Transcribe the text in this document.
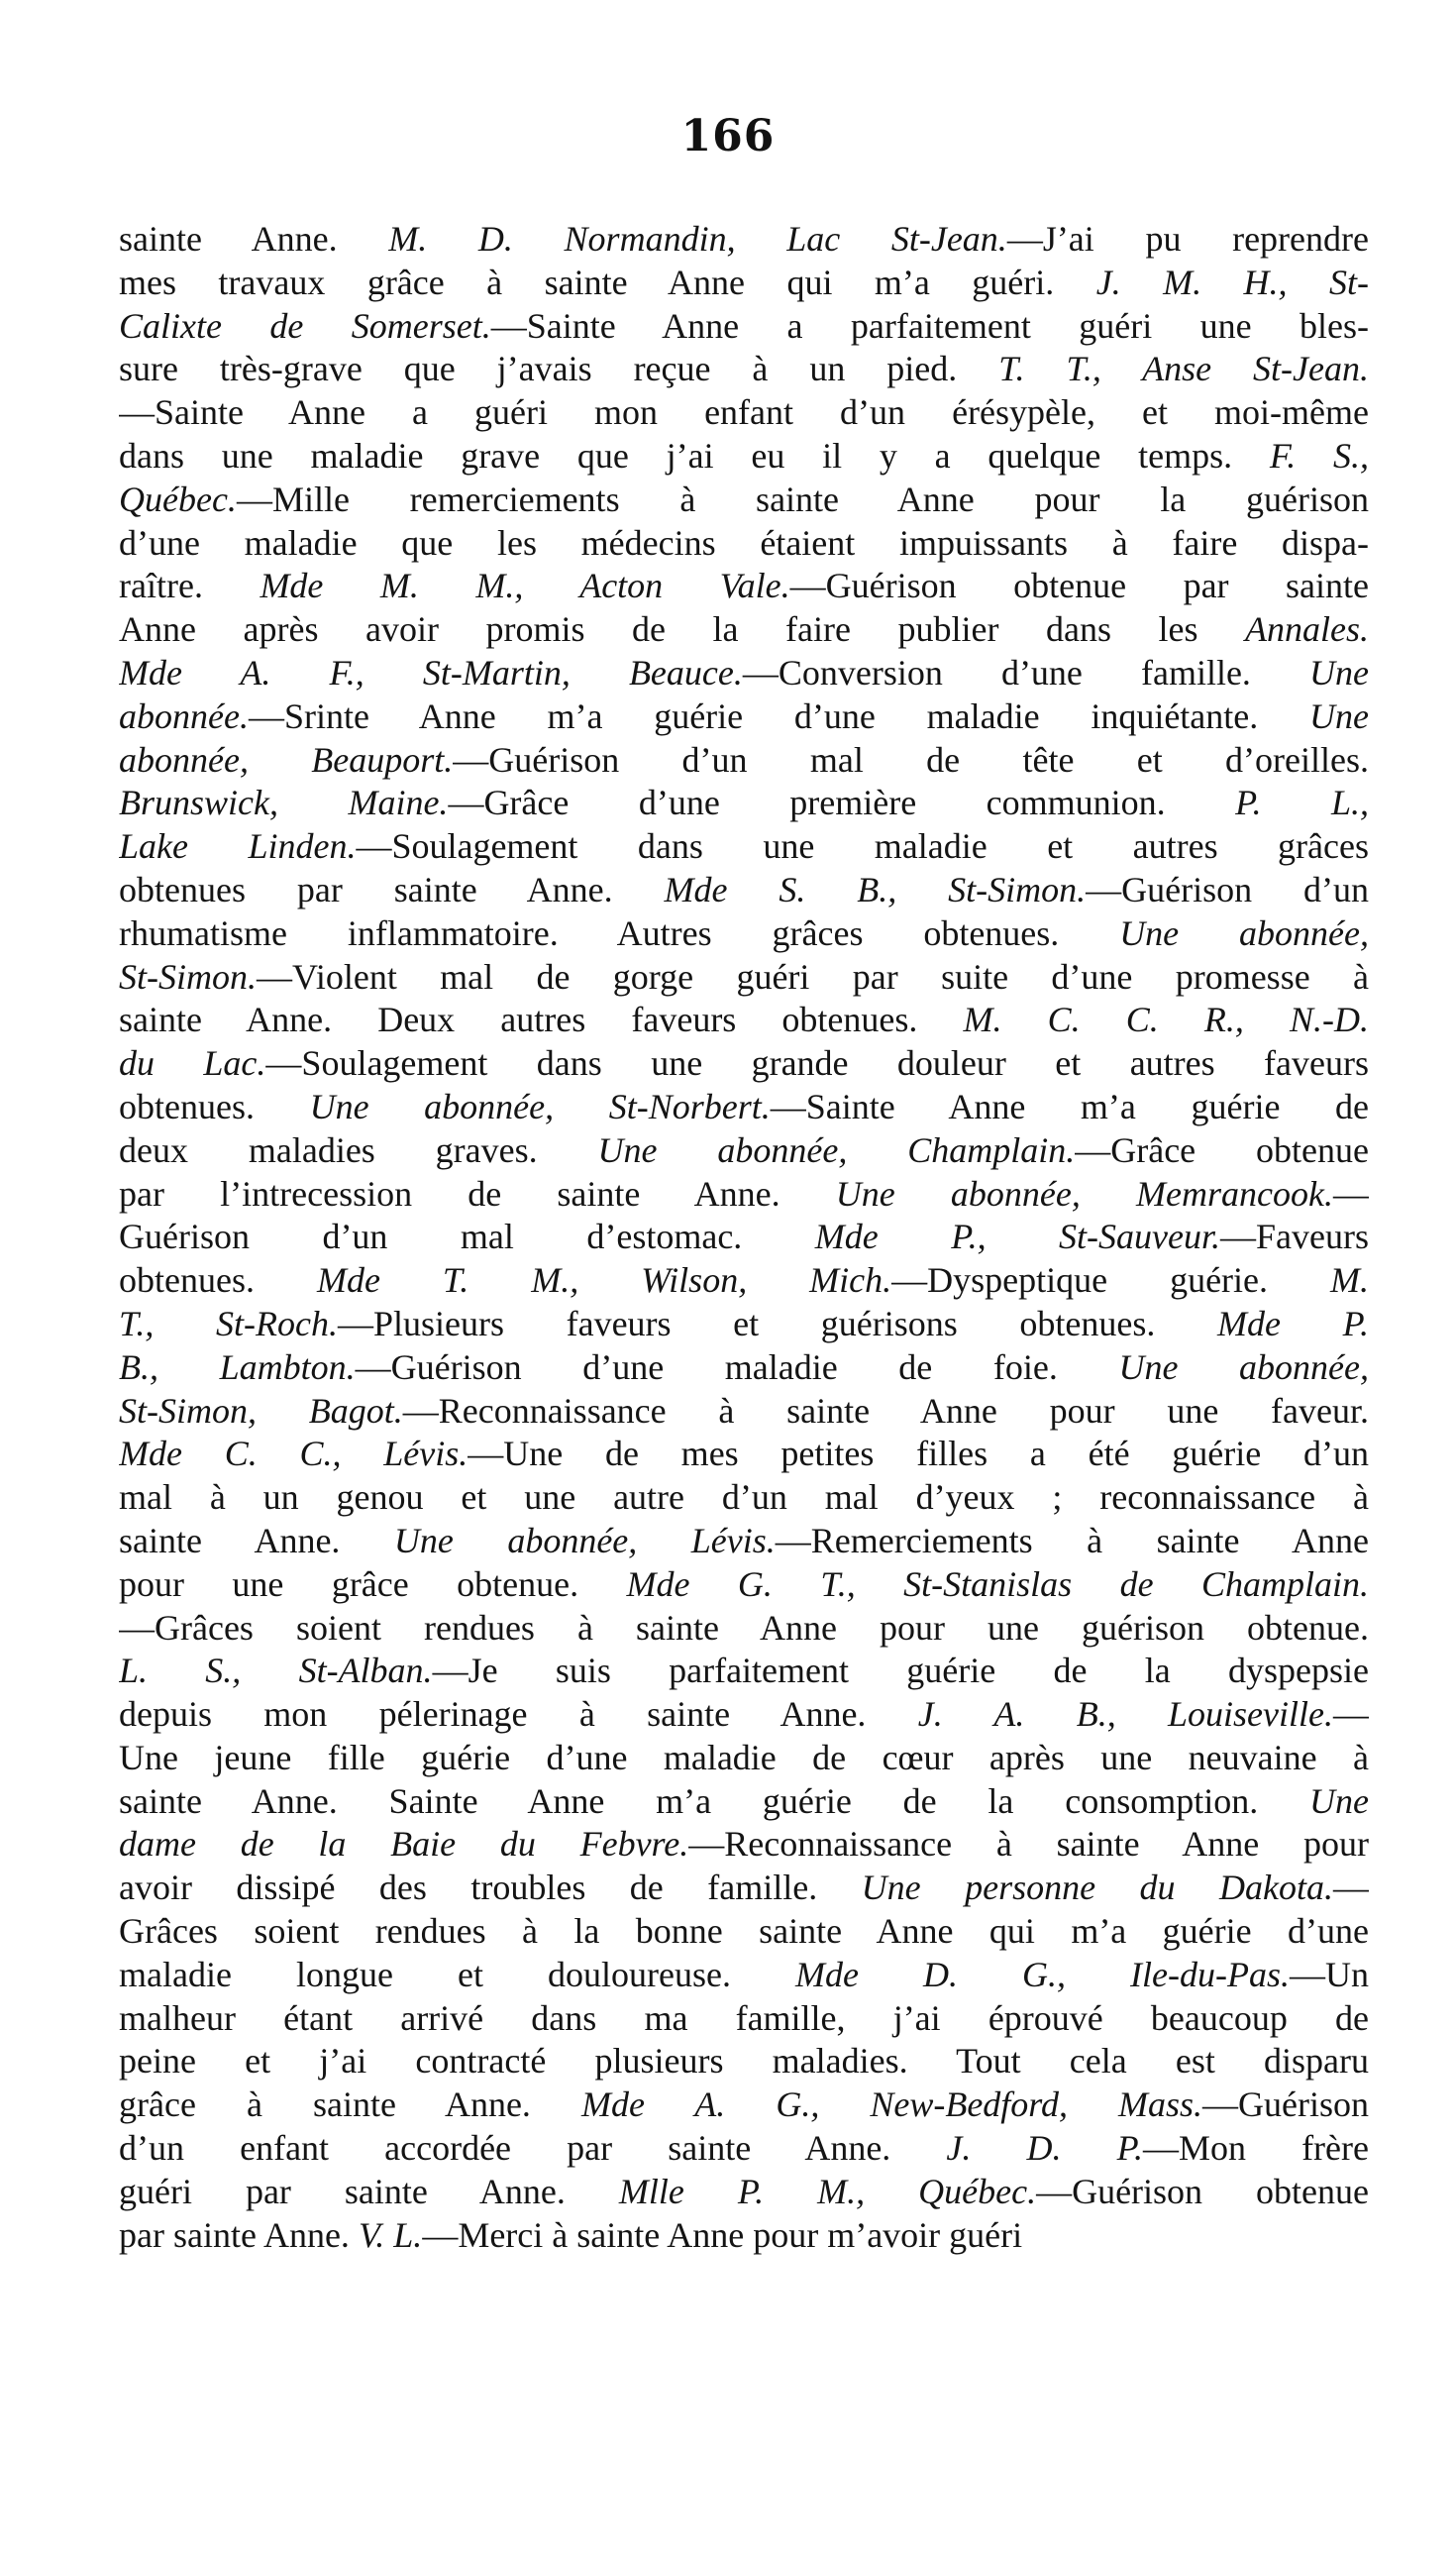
166
sainte Anne. M. D. Normandin, Lac St-Jean.—J’ai pu reprendre
mes travaux grâce à sainte Anne qui m’a guéri. J. M. H., St-
Calixte de Somerset.—Sainte Anne a parfaitement guéri une bles-
sure très-grave que j’avais reçue à un pied. T. T., Anse St-Jean.
—Sainte Anne a guéri mon enfant d’un érésypèle, et moi-même
dans une maladie grave que j’ai eu il y a quelque temps. F. S.,
Québec.—Mille remerciements à sainte Anne pour la guérison
d’une maladie que les médecins étaient impuissants à faire dispa-
raître. Mde M. M., Acton Vale.—Guérison obtenue par sainte
Anne après avoir promis de la faire publier dans les Annales.
Mde A. F., St-Martin, Beauce.—Conversion d’une famille. Une
abonnée.—Srinte Anne m’a guérie d’une maladie inquiétante. Une
abonnée, Beauport.—Guérison d’un mal de tête et d’oreilles.
Brunswick, Maine.—Grâce d’une première communion. P. L.,
Lake Linden.—Soulagement dans une maladie et autres grâces
obtenues par sainte Anne. Mde S. B., St-Simon.—Guérison d’un
rhumatisme inflammatoire. Autres grâces obtenues. Une abonnée,
St-Simon.—Violent mal de gorge guéri par suite d’une promesse à
sainte Anne. Deux autres faveurs obtenues. M. C. C. R., N.-D.
du Lac.—Soulagement dans une grande douleur et autres faveurs
obtenues. Une abonnée, St-Norbert.—Sainte Anne m’a guérie de
deux maladies graves. Une abonnée, Champlain.—Grâce obtenue
par l’intrecession de sainte Anne. Une abonnée, Memrancook.—
Guérison d’un mal d’estomac. Mde P., St-Sauveur.—Faveurs
obtenues. Mde T. M., Wilson, Mich.—Dyspeptique guérie. M.
T., St-Roch.—Plusieurs faveurs et guérisons obtenues. Mde P.
B., Lambton.—Guérison d’une maladie de foie. Une abonnée,
St-Simon, Bagot.—Reconnaissance à sainte Anne pour une faveur.
Mde C. C., Lévis.—Une de mes petites filles a été guérie d’un
mal à un genou et une autre d’un mal d’yeux ; reconnaissance à
sainte Anne. Une abonnée, Lévis.—Remerciements à sainte Anne
pour une grâce obtenue. Mde G. T., St-Stanislas de Champlain.
—Grâces soient rendues à sainte Anne pour une guérison obtenue.
L. S., St-Alban.—Je suis parfaitement guérie de la dyspepsie
depuis mon pélerinage à sainte Anne. J. A. B., Louiseville.—
Une jeune fille guérie d’une maladie de cœur après une neuvaine à
sainte Anne. Sainte Anne m’a guérie de la consomption. Une
dame de la Baie du Febvre.—Reconnaissance à sainte Anne pour
avoir dissipé des troubles de famille. Une personne du Dakota.—
Grâces soient rendues à la bonne sainte Anne qui m’a guérie d’une
maladie longue et douloureuse. Mde D. G., Ile-du-Pas.—Un
malheur étant arrivé dans ma famille, j’ai éprouvé beaucoup de
peine et j’ai contracté plusieurs maladies. Tout cela est disparu
grâce à sainte Anne. Mde A. G., New-Bedford, Mass.—Guérison
d’un enfant accordée par sainte Anne. J. D. P.—Mon frère
guéri par sainte Anne. Mlle P. M., Québec.—Guérison obtenue
par sainte Anne. V. L.—Merci à sainte Anne pour m’avoir guéri
